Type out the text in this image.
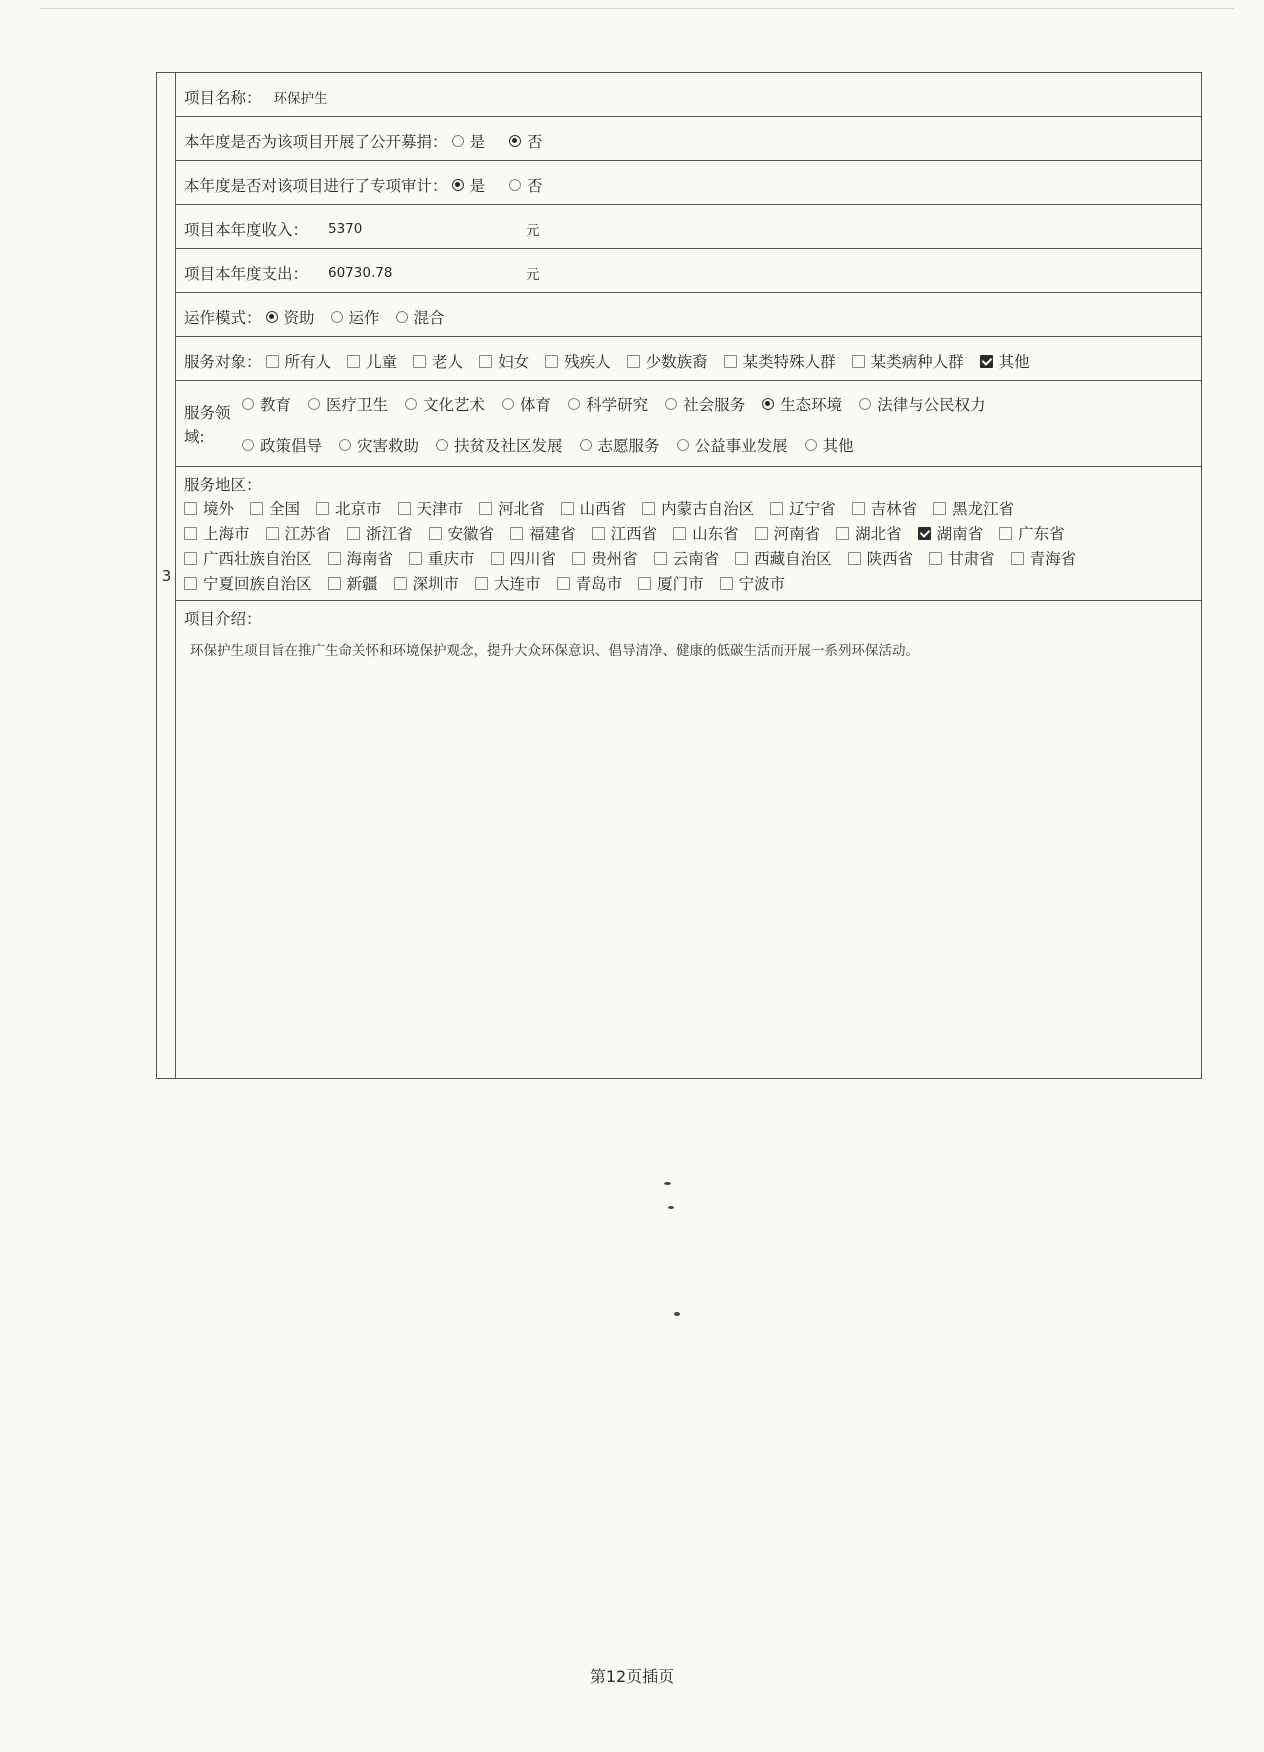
3
项目名称： 环保护生
本年度是否为该项目开展了公开募捐： 是	否
本年度是否对该项目进行了专项审计： 是	否
项目本年度收入：	5370	元
项目本年度支出：	60730.78	元
运作模式： 资助 运作 混合
服务对象： 所有人 儿童 老人 妇女 残疾人 少数族裔 某类特殊人群 某类病种人群 其他
服务领
域:
教育 医疗卫生 文化艺术 体育 科学研究 社会服务 生态环境 法律与公民权力
政策倡导 灾害救助 扶贫及社区发展 志愿服务 公益事业发展 其他
服务地区：
境外 全国 北京市 天津市 河北省 山西省 内蒙古自治区 辽宁省 吉林省 黑龙江省
上海市 江苏省 浙江省 安徽省 福建省 江西省 山东省 河南省 湖北省 湖南省 广东省
广西壮族自治区 海南省 重庆市 四川省 贵州省 云南省 西藏自治区 陕西省 甘肃省 青海省
宁夏回族自治区 新疆 深圳市 大连市 青岛市 厦门市 宁波市
项目介绍：
环保护生项目旨在推广生命关怀和环境保护观念，提升大众环保意识、倡导清净、健康的低碳生活而开展一系列环保活动。
第12页插页
